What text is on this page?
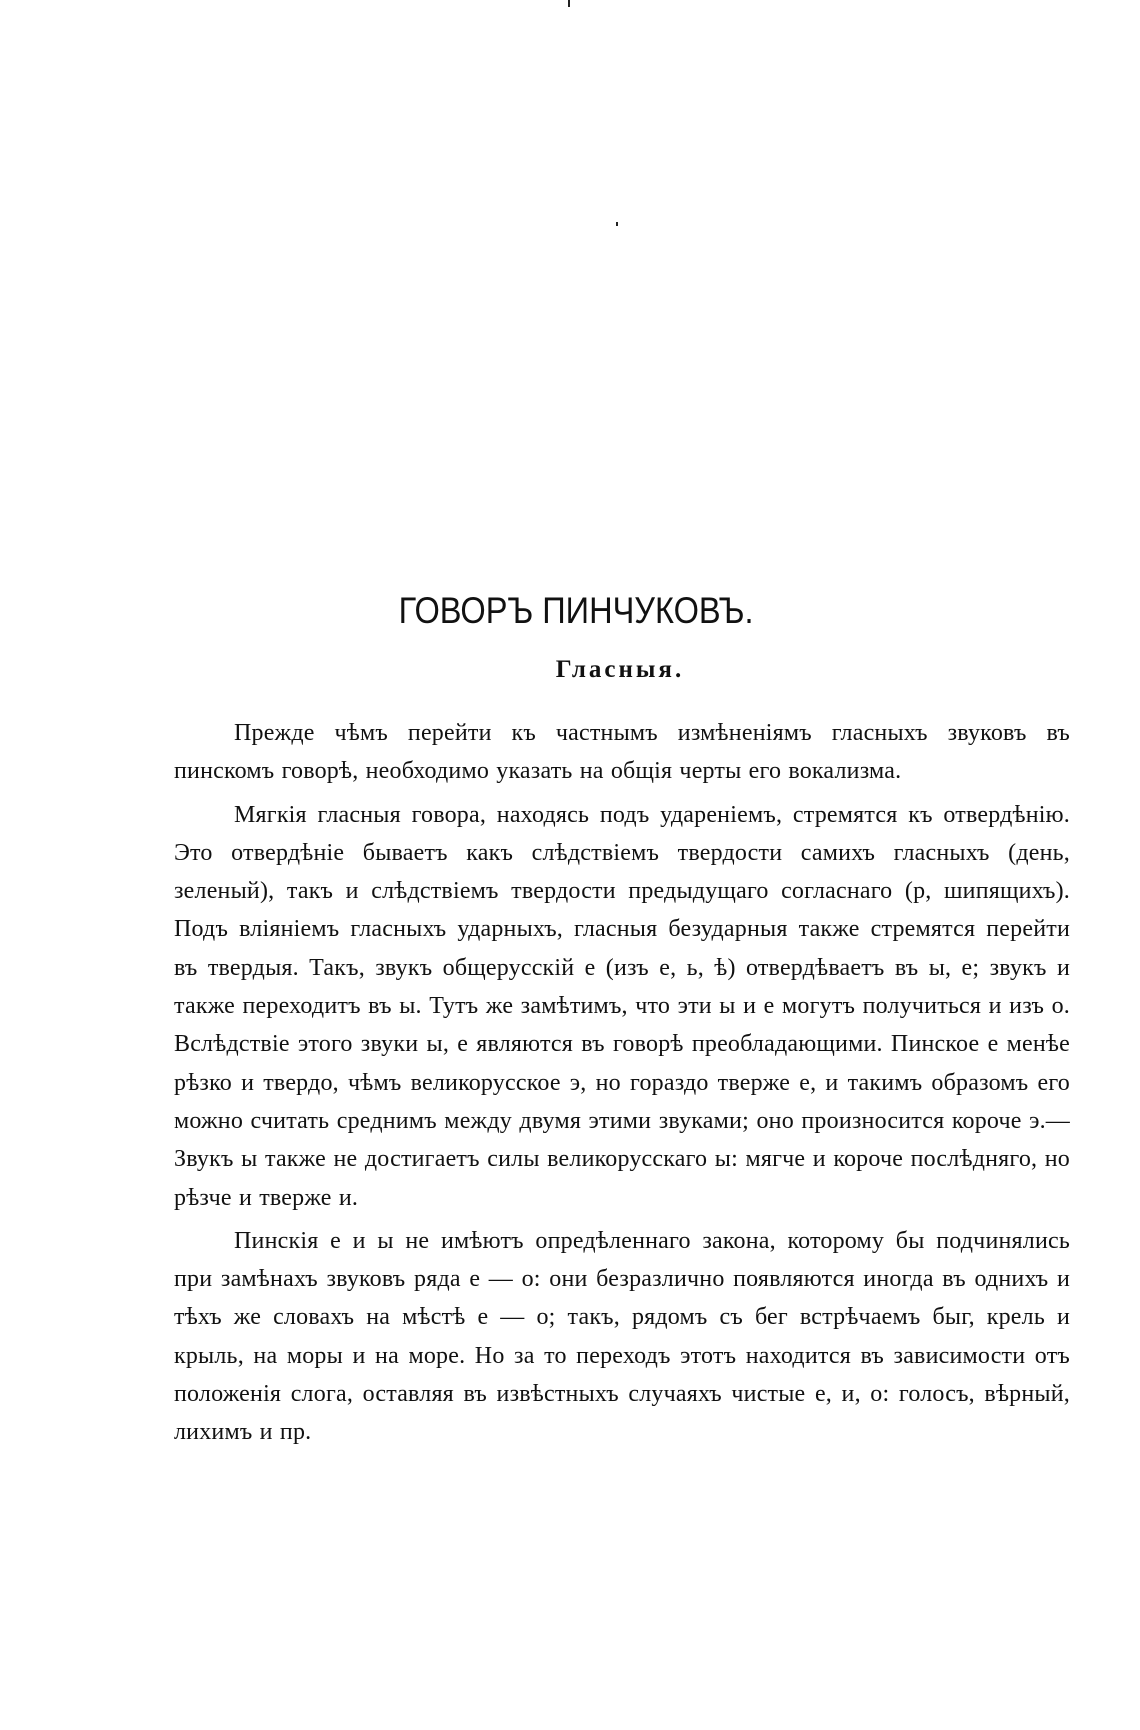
ГОВОРЪ ПИНЧУКОВЪ.
Гласныя.

Прежде чѣмъ перейти къ частнымъ измѣненіямъ гласныхъ звуковъ въ пинскомъ говорѣ, необходимо указать на общія черты его вокализма.

Мягкія гласныя говора, находясь подъ удареніемъ, стремятся къ отвердѣнію. Это отвердѣніе бываетъ какъ слѣдствіемъ твердости самихъ гласныхъ (день, зеленый), такъ и слѣдствіемъ твердости предыдущаго согласнаго (р, шипящихъ). Подъ вліяніемъ гласныхъ ударныхъ, гласныя безударныя также стремятся перейти въ твердыя. Такъ, звукъ общерусскій е (изъ е, ь, ѣ) отвердѣваетъ въ ы, е; звукъ и также переходитъ въ ы. Тутъ же замѣтимъ, что эти ы и е могутъ получиться и изъ о. Вслѣдствіе этого звуки ы, е являются въ говорѣ преобладающими. Пинское е менѣе рѣзко и твердо, чѣмъ великорусское э, но гораздо тверже е, и такимъ образомъ его можно считать среднимъ между двумя этими звуками; оно произносится короче э.—Звукъ ы также не достигаетъ силы великорусскаго ы: мягче и короче послѣдняго, но рѣзче и тверже и.

Пинскія е и ы не имѣютъ опредѣленнаго закона, которому бы подчинялись при замѣнахъ звуковъ ряда е — о: они безразлично появляются иногда въ однихъ и тѣхъ же словахъ на мѣстѣ е — о; такъ, рядомъ съ бег встрѣчаемъ быг, крель и крыль, на моры и на море. Но за то переходъ этотъ находится въ зависимости отъ положенія слога, оставляя въ извѣстныхъ случаяхъ чистые е, и, о: голосъ, вѣрный, лихимъ и пр.
